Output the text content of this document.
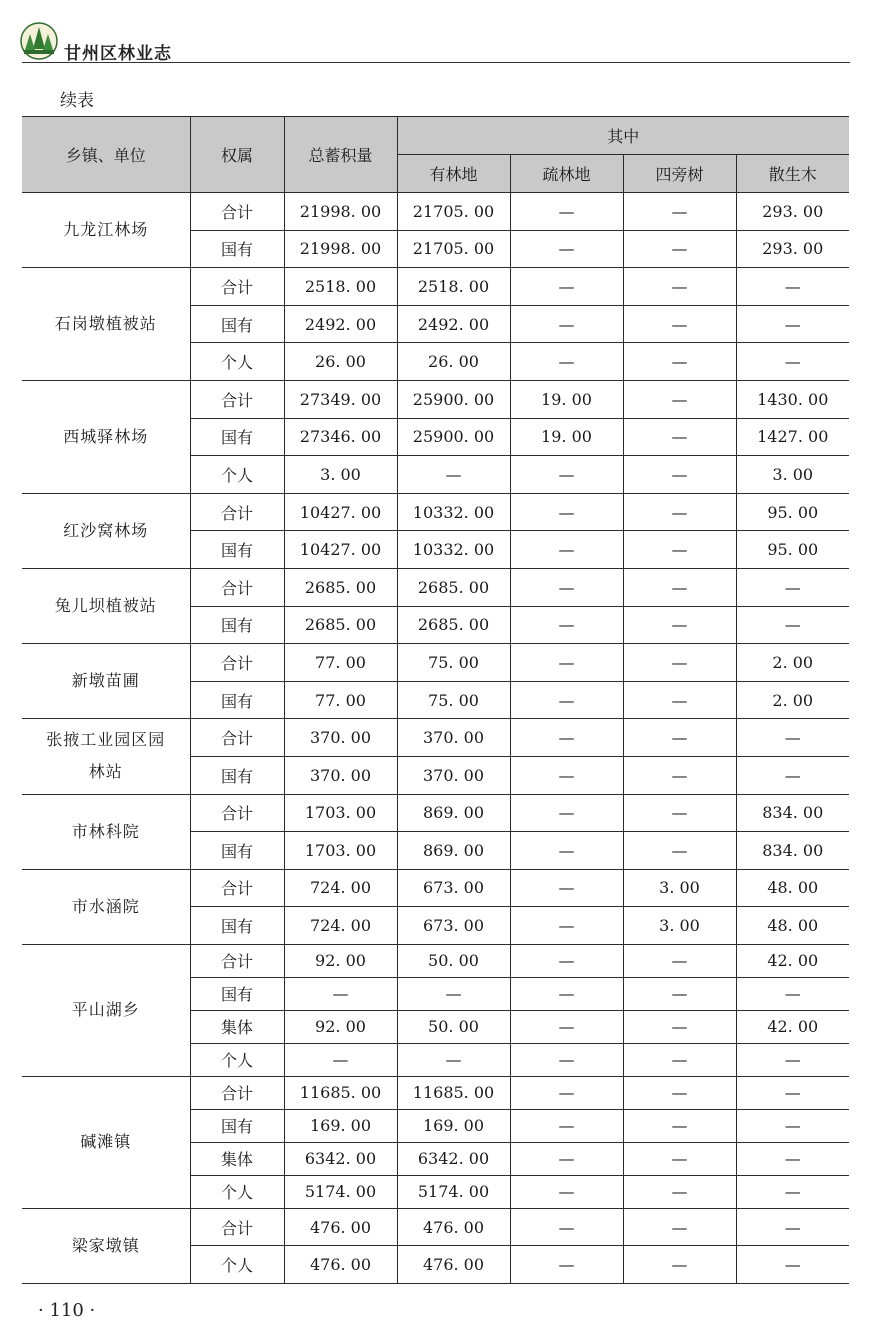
甘州区林业志
续表
乡镇、单位	权属	总蓄积量	其中			
			有林地	疏林地	四旁树	散生木
九龙江林场	合计	21998. 00	21705. 00	—	—	293. 00
	国有	21998. 00	21705. 00	—	—	293. 00
石岗墩植被站	合计	2518. 00	2518. 00	—	—	—
	国有	2492. 00	2492. 00	—	—	—
	个人	26. 00	26. 00	—	—	—
西城驿林场	合计	27349. 00	25900. 00	19. 00	—	1430. 00
	国有	27346. 00	25900. 00	19. 00	—	1427. 00
	个人	3. 00	—	—	—	3. 00
红沙窝林场	合计	10427. 00	10332. 00	—	—	95. 00
	国有	10427. 00	10332. 00	—	—	95. 00
兔儿坝植被站	合计	2685. 00	2685. 00	—	—	—
	国有	2685. 00	2685. 00	—	—	—
新墩苗圃	合计	77. 00	75. 00	—	—	2. 00
	国有	77. 00	75. 00	—	—	2. 00
张掖工业园区园林站	合计	370. 00	370. 00	—	—	—
	国有	370. 00	370. 00	—	—	—
市林科院	合计	1703. 00	869. 00	—	—	834. 00
	国有	1703. 00	869. 00	—	—	834. 00
市水涵院	合计	724. 00	673. 00	—	3. 00	48. 00
	国有	724. 00	673. 00	—	3. 00	48. 00
平山湖乡	合计	92. 00	50. 00	—	—	42. 00
	国有	—	—	—	—	—
	集体	92. 00	50. 00	—	—	42. 00
	个人	—	—	—	—	—
碱滩镇	合计	11685. 00	11685. 00	—	—	—
	国有	169. 00	169. 00	—	—	—
	集体	6342. 00	6342. 00	—	—	—
	个人	5174. 00	5174. 00	—	—	—
梁家墩镇	合计	476. 00	476. 00	—	—	—
	个人	476. 00	476. 00	—	—	—
· 110 ·
